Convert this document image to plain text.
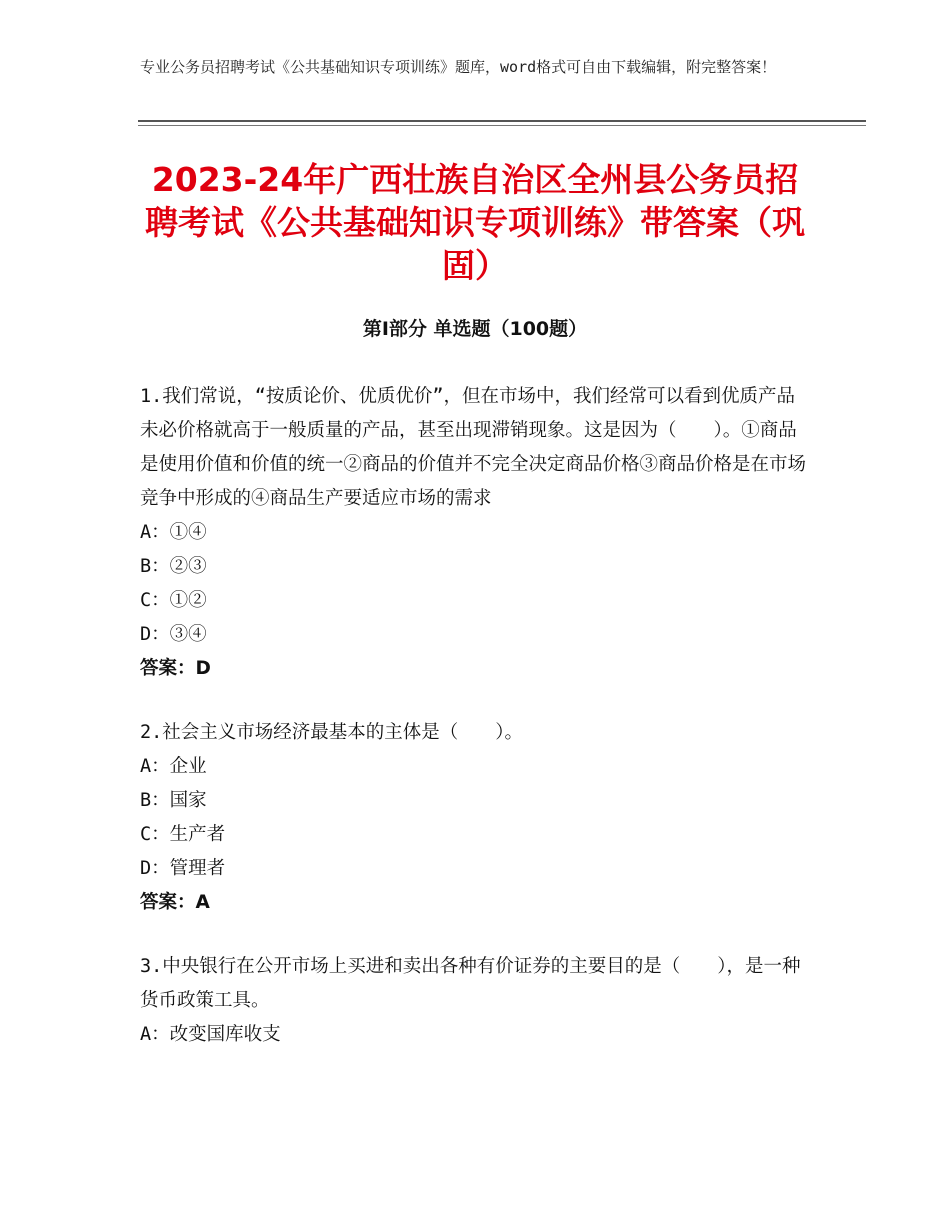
专业公务员招聘考试《公共基础知识专项训练》题库，word格式可自由下载编辑，附完整答案！
2023-24年广西壮族自治区全州县公务员招聘考试《公共基础知识专项训练》带答案（巩固）
第Ⅰ部分 单选题（100题）

1.我们常说，“按质论价、优质优价”，但在市场中，我们经常可以看到优质产品未必价格就高于一般质量的产品，甚至出现滞销现象。这是因为（　　）。①商品是使用价值和价值的统一②商品的价值并不完全决定商品价格③商品价格是在市场竞争中形成的④商品生产要适应市场的需求

A：①④
B：②③
C：①②
D：③④
答案：D

2.社会主义市场经济最基本的主体是（　　）。

A：企业
B：国家
C：生产者
D：管理者
答案：A

3.中央银行在公开市场上买进和卖出各种有价证券的主要目的是（　　），是一种货币政策工具。

A：改变国库收支
